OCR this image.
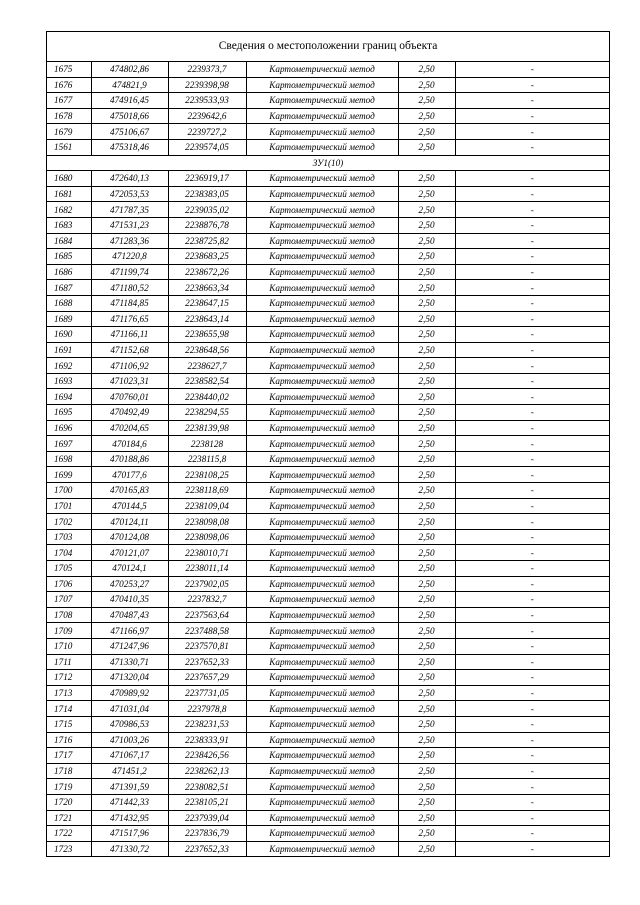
Сведения о местоположении границ объекта
1675	474802,86	2239373,7	Картометрический метод	2,50	-
1676	474821,9	2239398,98	Картометрический метод	2,50	-
1677	474916,45	2239533,93	Картометрический метод	2,50	-
1678	475018,66	2239642,6	Картометрический метод	2,50	-
1679	475106,67	2239727,2	Картометрический метод	2,50	-
1561	475318,46	2239574,05	Картометрический метод	2,50	-
ЗУ1(10)					
1680	472640,13	2236919,17	Картометрический метод	2,50	-
1681	472053,53	2238383,05	Картометрический метод	2,50	-
1682	471787,35	2239035,02	Картометрический метод	2,50	-
1683	471531,23	2238876,78	Картометрический метод	2,50	-
1684	471283,36	2238725,82	Картометрический метод	2,50	-
1685	471220,8	2238683,25	Картометрический метод	2,50	-
1686	471199,74	2238672,26	Картометрический метод	2,50	-
1687	471180,52	2238663,34	Картометрический метод	2,50	-
1688	471184,85	2238647,15	Картометрический метод	2,50	-
1689	471176,65	2238643,14	Картометрический метод	2,50	-
1690	471166,11	2238655,98	Картометрический метод	2,50	-
1691	471152,68	2238648,56	Картометрический метод	2,50	-
1692	471106,92	2238627,7	Картометрический метод	2,50	-
1693	471023,31	2238582,54	Картометрический метод	2,50	-
1694	470760,01	2238440,02	Картометрический метод	2,50	-
1695	470492,49	2238294,55	Картометрический метод	2,50	-
1696	470204,65	2238139,98	Картометрический метод	2,50	-
1697	470184,6	2238128	Картометрический метод	2,50	-
1698	470188,86	2238115,8	Картометрический метод	2,50	-
1699	470177,6	2238108,25	Картометрический метод	2,50	-
1700	470165,83	2238118,69	Картометрический метод	2,50	-
1701	470144,5	2238109,04	Картометрический метод	2,50	-
1702	470124,11	2238098,08	Картометрический метод	2,50	-
1703	470124,08	2238098,06	Картометрический метод	2,50	-
1704	470121,07	2238010,71	Картометрический метод	2,50	-
1705	470124,1	2238011,14	Картометрический метод	2,50	-
1706	470253,27	2237902,05	Картометрический метод	2,50	-
1707	470410,35	2237832,7	Картометрический метод	2,50	-
1708	470487,43	2237563,64	Картометрический метод	2,50	-
1709	471166,97	2237488,58	Картометрический метод	2,50	-
1710	471247,96	2237570,81	Картометрический метод	2,50	-
1711	471330,71	2237652,33	Картометрический метод	2,50	-
1712	471320,04	2237657,29	Картометрический метод	2,50	-
1713	470989,92	2237731,05	Картометрический метод	2,50	-
1714	471031,04	2237978,8	Картометрический метод	2,50	-
1715	470986,53	2238231,53	Картометрический метод	2,50	-
1716	471003,26	2238333,91	Картометрический метод	2,50	-
1717	471067,17	2238426,56	Картометрический метод	2,50	-
1718	471451,2	2238262,13	Картометрический метод	2,50	-
1719	471391,59	2238082,51	Картометрический метод	2,50	-
1720	471442,33	2238105,21	Картометрический метод	2,50	-
1721	471432,95	2237939,04	Картометрический метод	2,50	-
1722	471517,96	2237836,79	Картометрический метод	2,50	-
1723	471330,72	2237652,33	Картометрический метод	2,50	-
